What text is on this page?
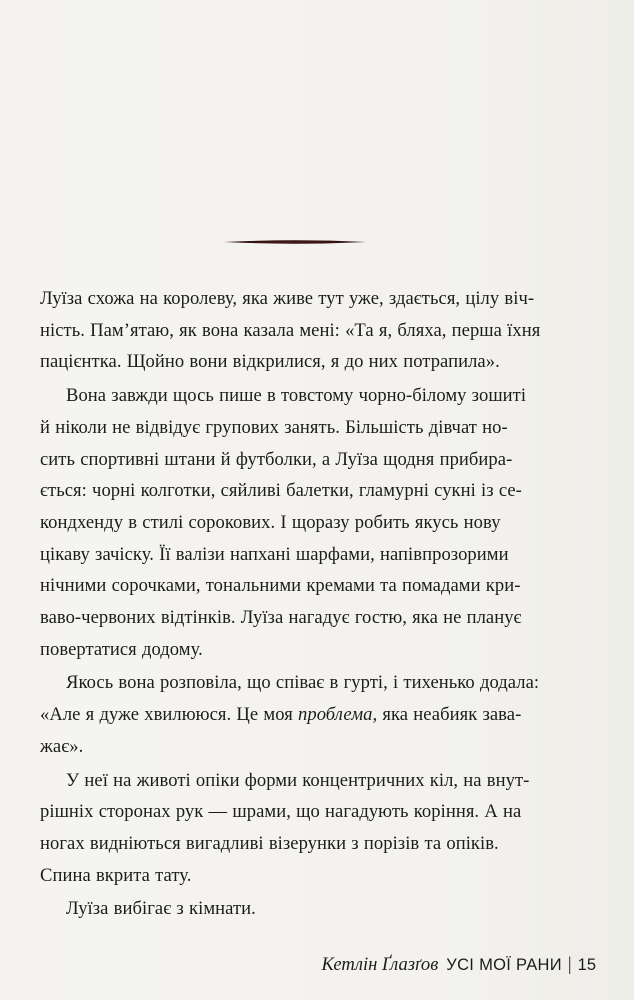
Луїза схожа на королеву, яка живе тут уже, здається, цілу віч-
ність. Пам’ятаю, як вона казала мені: «Та я, бляха, перша їхня
пацієнтка. Щойно вони відкрилися, я до них потрапила».

Вона завжди щось пише в товстому чорно-білому зошиті
й ніколи не відвідує групових занять. Більшість дівчат но-
сить спортивні штани й футболки, а Луїза щодня прибира-
ється: чорні колготки, сяйливі балетки, гламурні сукні із се-
кондхенду в стилі сорокових. І щоразу робить якусь нову
цікаву зачіску. Її валізи напхані шарфами, напівпрозорими
нічними сорочками, тональними кремами та помадами кри-
ваво-червоних відтінків. Луїза нагадує гостю, яка не планує
повертатися додому.

Якось вона розповіла, що співає в гурті, і тихенько додала:
«Але я дуже хвилююся. Це моя проблема, яка неабияк зава-
жає».

У неї на животі опіки форми концентричних кіл, на внут-
рішніх сторонах рук — шрами, що нагадують коріння. А на
ногах видніються вигадливі візерунки з порізів та опіків.
Спина вкрита тату.

Луїза вибігає з кімнати.

Кетлін Ґлазґов УСІ МОЇ РАНИ | 15
